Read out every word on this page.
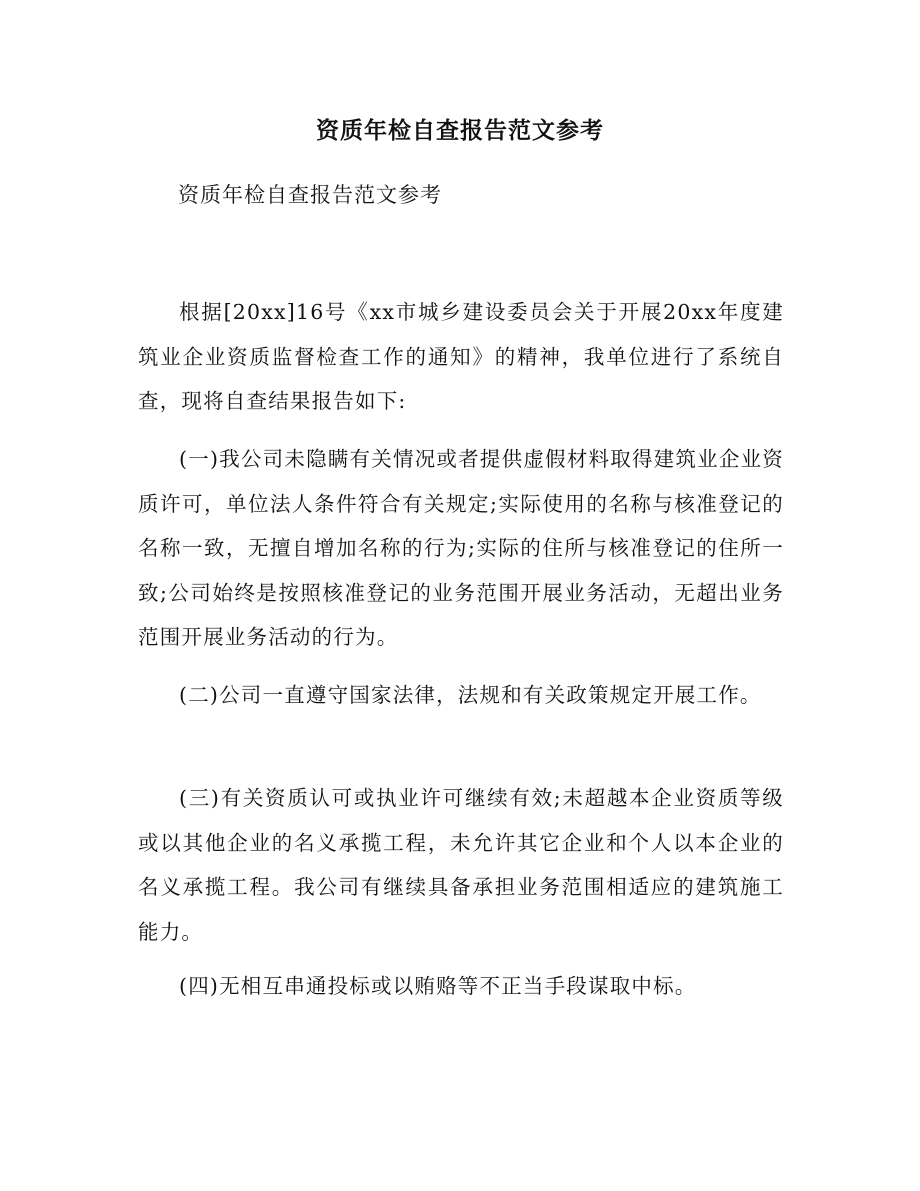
资质年检自查报告范文参考
资质年检自查报告范文参考

根据[20xx]16号《xx市城乡建设委员会关于开展20xx年度建筑业企业资质监督检查工作的通知》的精神，我单位进行了系统自查，现将自查结果报告如下:

(一)我公司未隐瞒有关情况或者提供虚假材料取得建筑业企业资质许可，单位法人条件符合有关规定;实际使用的名称与核准登记的名称一致，无擅自增加名称的行为;实际的住所与核准登记的住所一致;公司始终是按照核准登记的业务范围开展业务活动，无超出业务范围开展业务活动的行为。

(二)公司一直遵守国家法律，法规和有关政策规定开展工作。

(三)有关资质认可或执业许可继续有效;未超越本企业资质等级或以其他企业的名义承揽工程，未允许其它企业和个人以本企业的名义承揽工程。我公司有继续具备承担业务范围相适应的建筑施工能力。

(四)无相互串通投标或以贿赂等不正当手段谋取中标。
